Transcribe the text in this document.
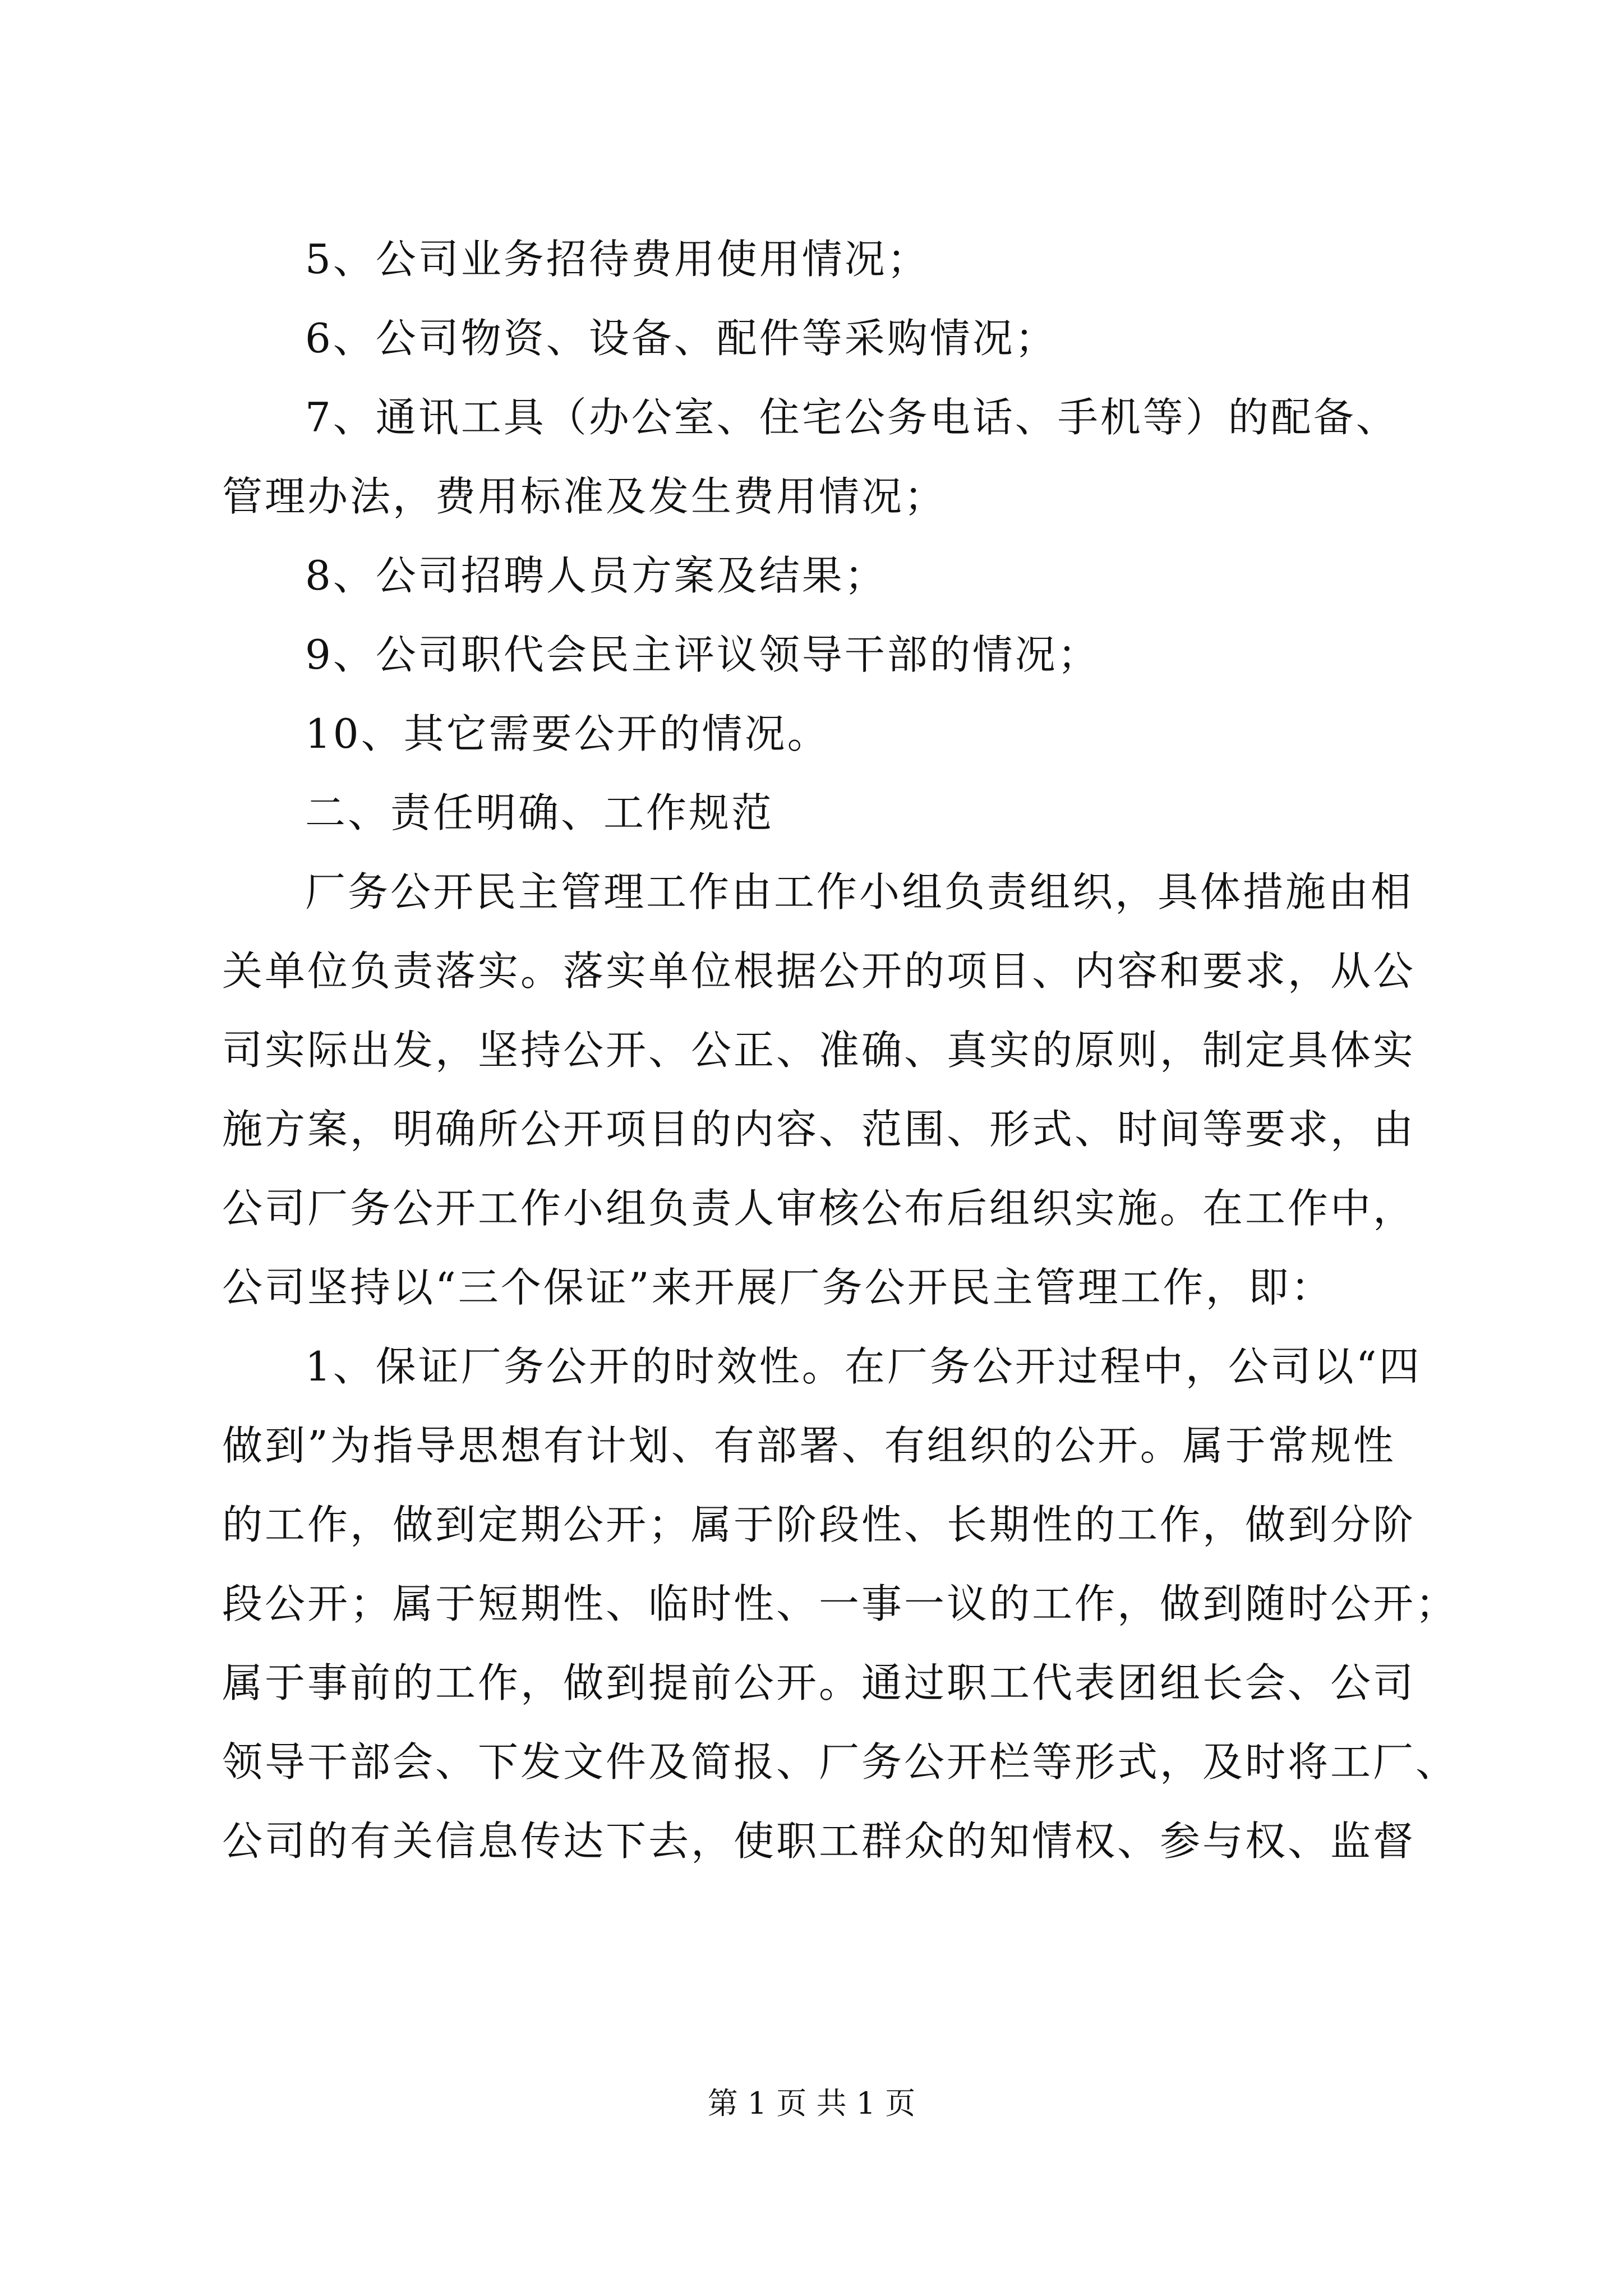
5、公司业务招待费用使用情况；
6、公司物资、设备、配件等采购情况；
7、通讯工具（办公室、住宅公务电话、手机等）的配备、
管理办法，费用标准及发生费用情况；
8、公司招聘人员方案及结果；
9、公司职代会民主评议领导干部的情况；
10、其它需要公开的情况。
二、责任明确、工作规范
厂务公开民主管理工作由工作小组负责组织，具体措施由相
关单位负责落实。落实单位根据公开的项目、内容和要求，从公
司实际出发，坚持公开、公正、准确、真实的原则，制定具体实
施方案，明确所公开项目的内容、范围、形式、时间等要求，由
公司厂务公开工作小组负责人审核公布后组织实施。在工作中，
公司坚持以“三个保证”来开展厂务公开民主管理工作，即：
1、保证厂务公开的时效性。在厂务公开过程中，公司以“四
做到”为指导思想有计划、有部署、有组织的公开。属于常规性
的工作，做到定期公开；属于阶段性、长期性的工作，做到分阶
段公开；属于短期性、临时性、一事一议的工作，做到随时公开；
属于事前的工作，做到提前公开。通过职工代表团组长会、公司
领导干部会、下发文件及简报、厂务公开栏等形式，及时将工厂、
公司的有关信息传达下去，使职工群众的知情权、参与权、监督
第 1 页 共 1 页
